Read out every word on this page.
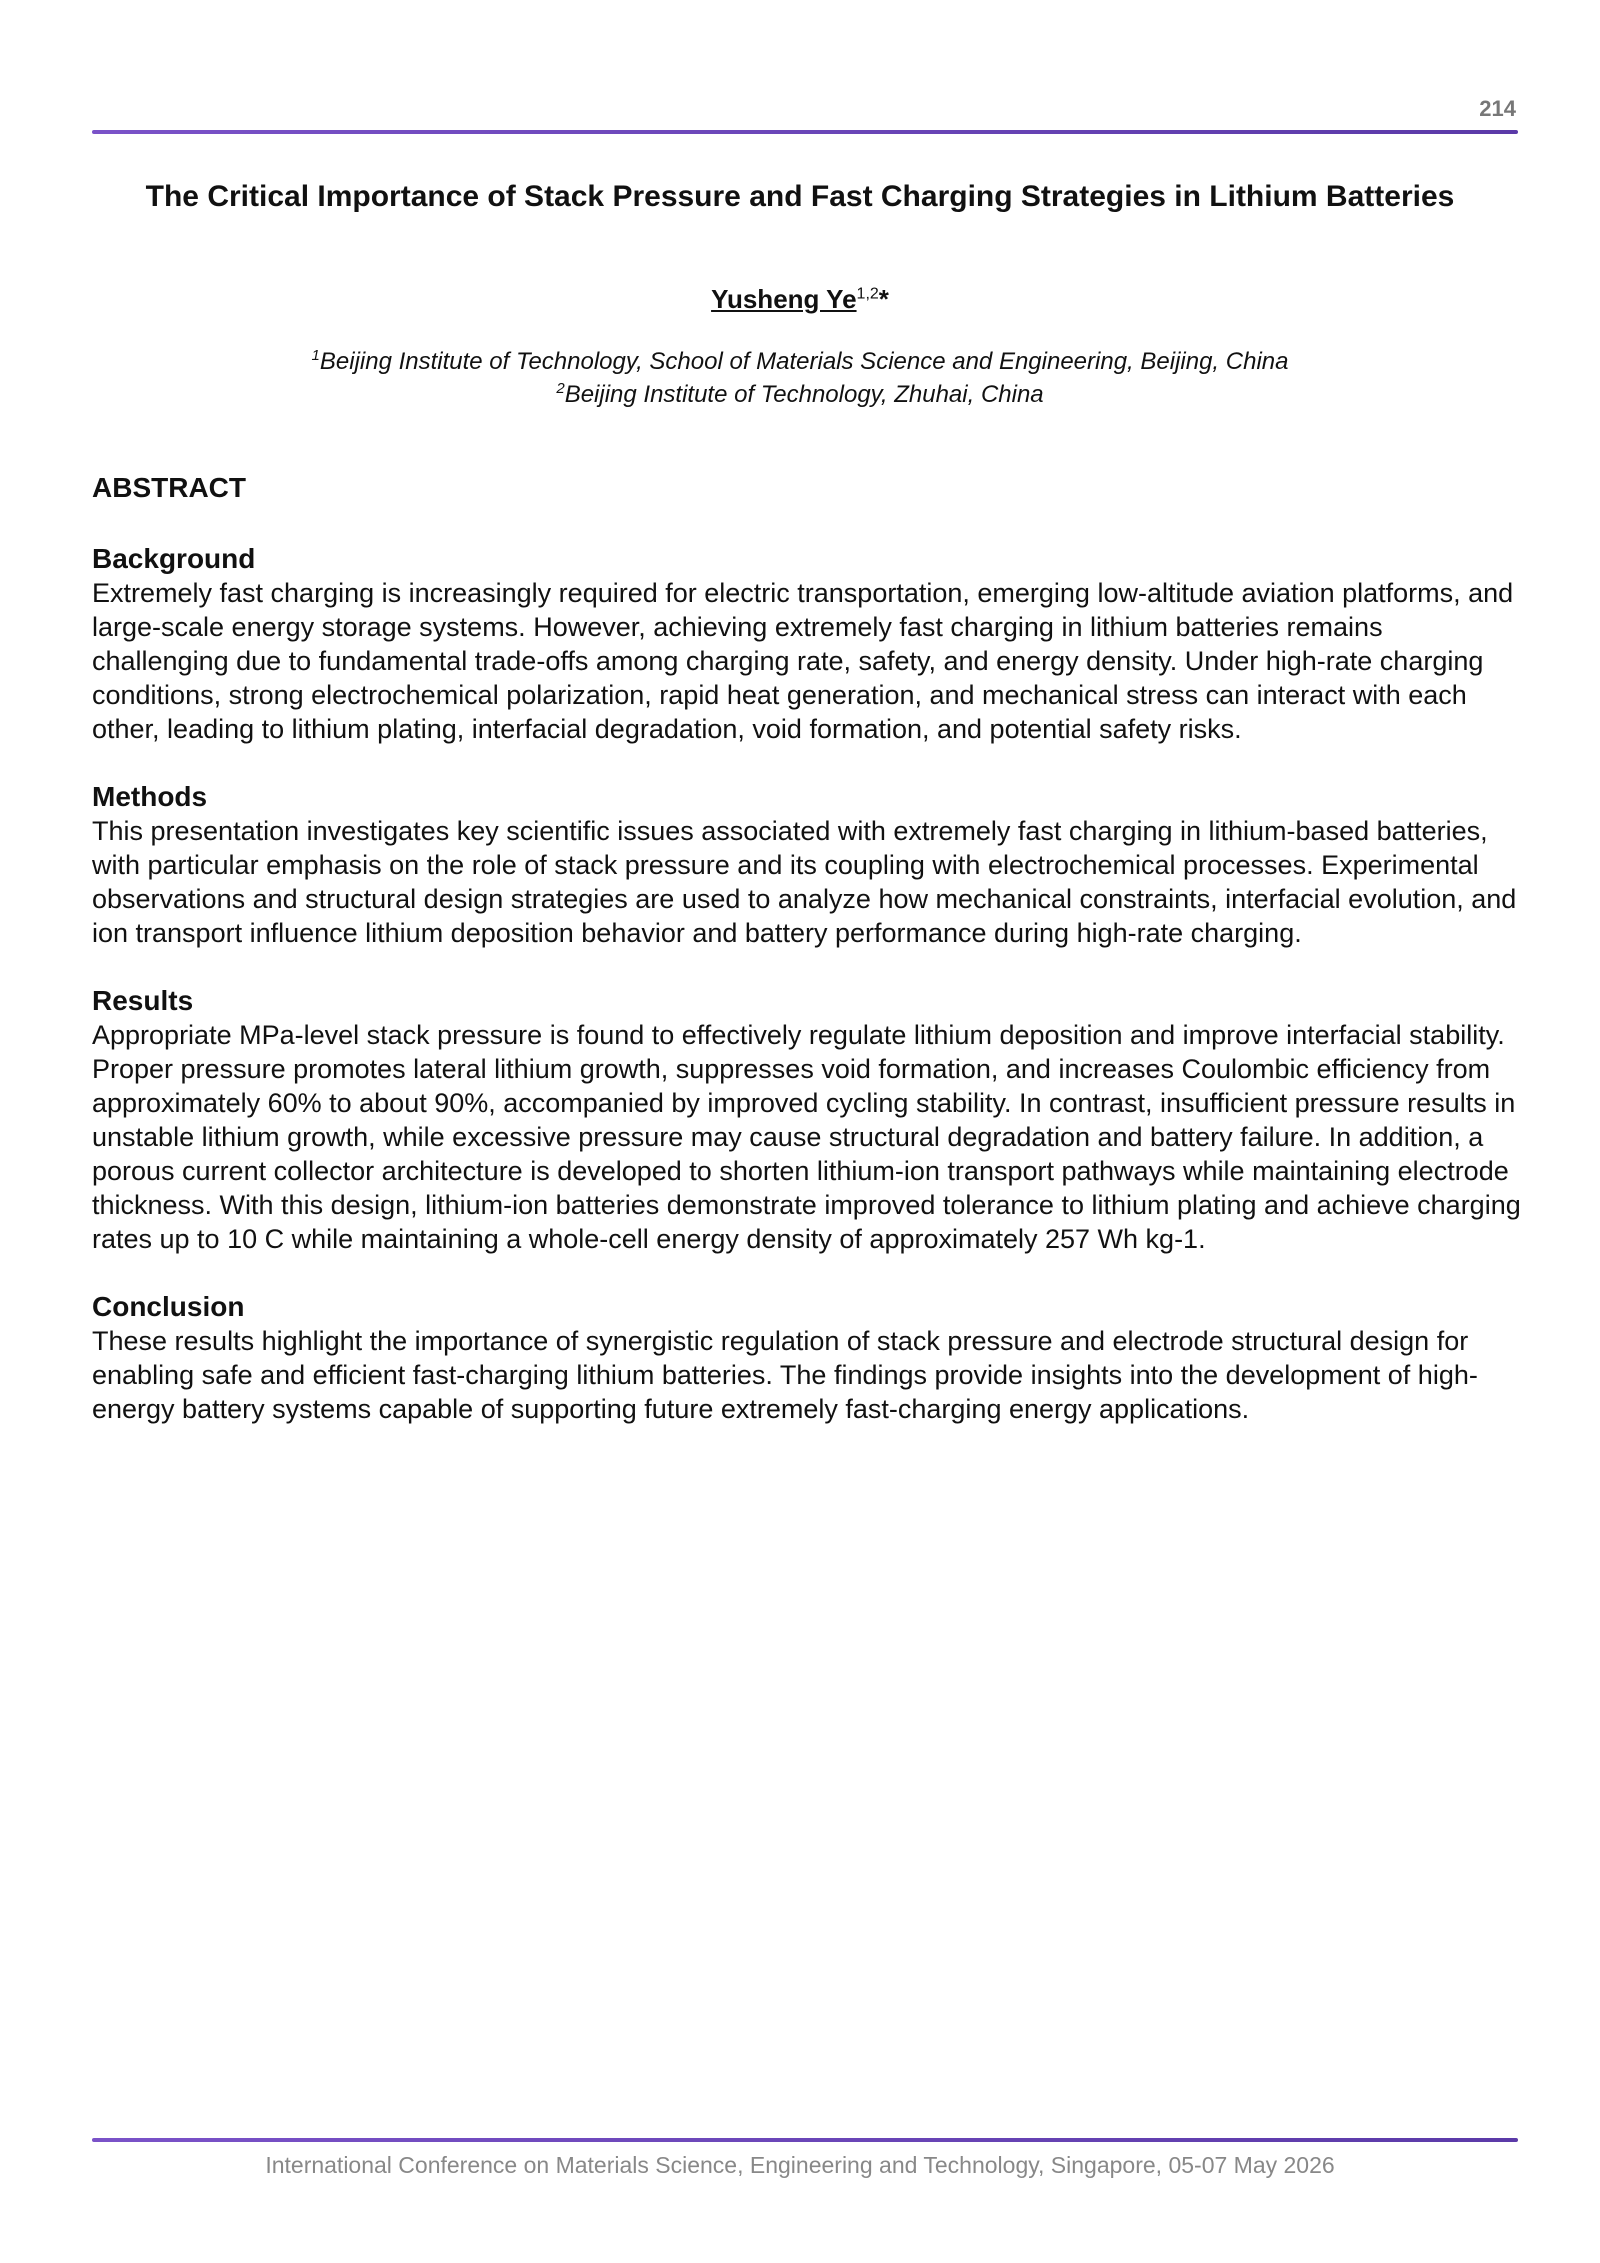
214
The Critical Importance of Stack Pressure and Fast Charging Strategies in Lithium Batteries
Yusheng Ye$^{1,2}$*
$^1$Beijing Institute of Technology, School of Materials Science and Engineering, Beijing, China
$^2$Beijing Institute of Technology, Zhuhai, China
ABSTRACT
Background

Extremely fast charging is increasingly required for electric transportation, emerging low-altitude aviation platforms, and large-scale energy storage systems. However, achieving extremely fast charging in lithium batteries remains challenging due to fundamental trade-offs among charging rate, safety, and energy density. Under high-rate charging conditions, strong electrochemical polarization, rapid heat generation, and mechanical stress can interact with each other, leading to lithium plating, interfacial degradation, void formation, and potential safety risks.

Methods

This presentation investigates key scientific issues associated with extremely fast charging in lithium-based batteries, with particular emphasis on the role of stack pressure and its coupling with electrochemical processes. Experimental observations and structural design strategies are used to analyze how mechanical constraints, interfacial evolution, and ion transport influence lithium deposition behavior and battery performance during high-rate charging.

Results

Appropriate MPa-level stack pressure is found to effectively regulate lithium deposition and improve interfacial stability. Proper pressure promotes lateral lithium growth, suppresses void formation, and increases Coulombic efficiency from approximately 60% to about 90%, accompanied by improved cycling stability. In contrast, insufficient pressure results in unstable lithium growth, while excessive pressure may cause structural degradation and battery failure. In addition, a porous current collector architecture is developed to shorten lithium-ion transport pathways while maintaining electrode thickness. With this design, lithium-ion batteries demonstrate improved tolerance to lithium plating and achieve charging rates up to 10 C while maintaining a whole-cell energy density of approximately 257 Wh kg-1.

Conclusion

These results highlight the importance of synergistic regulation of stack pressure and electrode structural design for enabling safe and efficient fast-charging lithium batteries. The findings provide insights into the development of high-energy battery systems capable of supporting future extremely fast-charging energy applications.

International Conference on Materials Science, Engineering and Technology, Singapore, 05-07 May 2026
